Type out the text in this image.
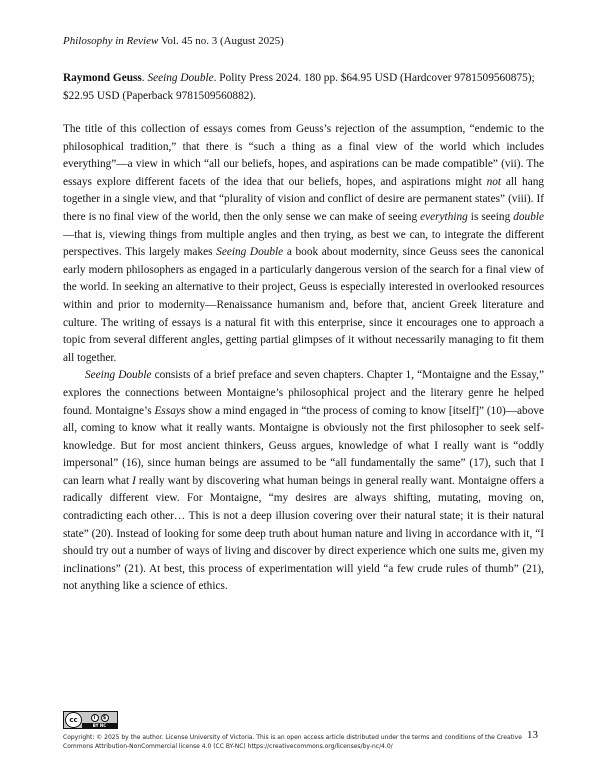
Philosophy in Review Vol. 45 no. 3 (August 2025)
Raymond Geuss. Seeing Double. Polity Press 2024. 180 pp. $64.95 USD (Hardcover 9781509560875); $22.95 USD (Paperback 9781509560882).

The title of this collection of essays comes from Geuss’s rejection of the assumption, “endemic to the philosophical tradition,” that there is “such a thing as a final view of the world which includes everything”—a view in which “all our beliefs, hopes, and aspirations can be made compatible” (vii). The essays explore different facets of the idea that our beliefs, hopes, and aspirations might not all hang together in a single view, and that “plurality of vision and conflict of desire are permanent states” (viii). If there is no final view of the world, then the only sense we can make of seeing everything is seeing double—that is, viewing things from multiple angles and then trying, as best we can, to integrate the different perspectives. This largely makes Seeing Double a book about modernity, since Geuss sees the canonical early modern philosophers as engaged in a particularly dangerous version of the search for a final view of the world. In seeking an alternative to their project, Geuss is especially interested in overlooked resources within and prior to modernity—Renaissance humanism and, before that, ancient Greek literature and culture. The writing of essays is a natural fit with this enterprise, since it encourages one to approach a topic from several different angles, getting partial glimpses of it without necessarily managing to fit them all together.

Seeing Double consists of a brief preface and seven chapters. Chapter 1, “Montaigne and the Essay,” explores the connections between Montaigne’s philosophical project and the literary genre he helped found. Montaigne’s Essays show a mind engaged in “the process of coming to know [itself]” (10)—above all, coming to know what it really wants. Montaigne is obviously not the first philosopher to seek self-knowledge. But for most ancient thinkers, Geuss argues, knowledge of what I really want is “oddly impersonal” (16), since human beings are assumed to be “all fundamentally the same” (17), such that I can learn what I really want by discovering what human beings in general really want. Montaigne offers a radically different view. For Montaigne, “my desires are always shifting, mutating, moving on, contradicting each other… This is not a deep illusion covering over their natural state; it is their natural state” (20). Instead of looking for some deep truth about human nature and living in accordance with it, “I should try out a number of ways of living and discover by direct experience which one suits me, given my inclinations” (21). At best, this process of experimentation will yield “a few crude rules of thumb” (21), not anything like a science of ethics.

cc	i	$
BY NC
Copyright: © 2025 by the author. License University of Victoria. This is an open access article distributed under the terms and conditions of the Creative Commons Attribution-NonCommercial license 4.0 (CC BY-NC) https://creativecommons.org/licenses/by-nc/4.0/
13
